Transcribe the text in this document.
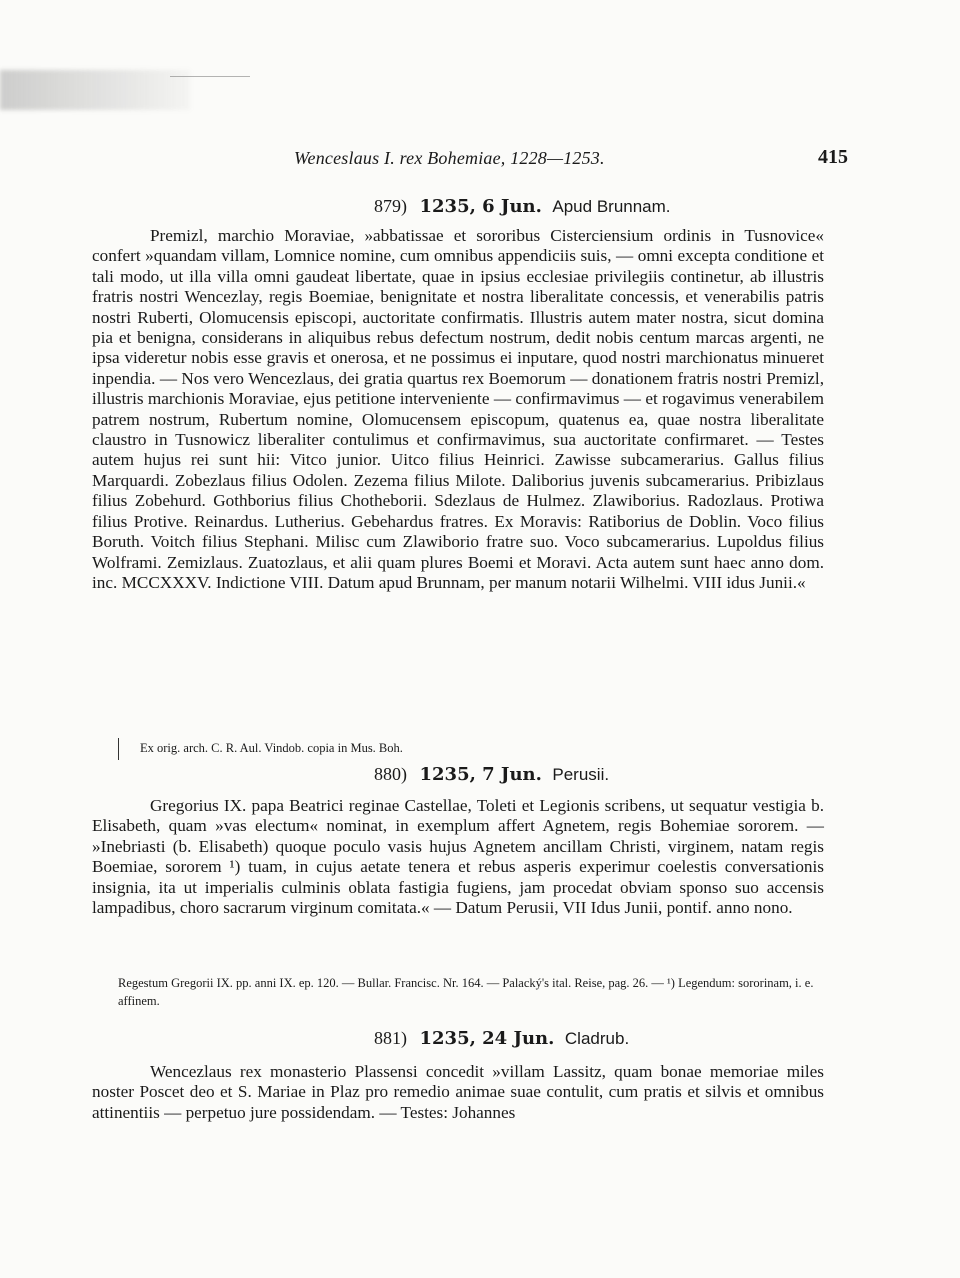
Wenceslaus I. rex Bohemiae, 1228—1253.	415
879) 1235, 6 Jun. Apud Brunnam.

Premizl, marchio Moraviae, »abbatissae et sororibus Cisterciensium ordinis in Tusnovice« confert »quandam villam, Lomnice nomine, cum omnibus appendiciis suis, — omni excepta conditione et tali modo, ut illa villa omni gaudeat libertate, quae in ipsius ecclesiae privilegiis continetur, ab illustris fratris nostri Wencezlay, regis Boemiae, benignitate et nostra liberalitate concessis, et venerabilis patris nostri Ruberti, Olomucensis episcopi, auctoritate confirmatis. Illustris autem mater nostra, sicut domina pia et benigna, considerans in aliquibus rebus defectum nostrum, dedit nobis centum marcas argenti, ne ipsa videretur nobis esse gravis et onerosa, et ne possimus ei inputare, quod nostri marchionatus minueret inpendia. — Nos vero Wencezlaus, dei gratia quartus rex Boemorum — donationem fratris nostri Premizl, illustris marchionis Moraviae, ejus petitione interveniente — confirmavimus — et rogavimus venerabilem patrem nostrum, Rubertum nomine, Olomucensem episcopum, quatenus ea, quae nostra liberalitate claustro in Tusnowicz liberaliter contulimus et confirmavimus, sua auctoritate confirmaret. — Testes autem hujus rei sunt hii: Vitco junior. Uitco filius Heinrici. Zawisse subcamerarius. Gallus filius Marquardi. Zobezlaus filius Odolen. Zezema filius Milote. Daliborius juvenis subcamerarius. Pribizlaus filius Zobehurd. Gothborius filius Chotheborii. Sdezlaus de Hulmez. Zlawiborius. Radozlaus. Protiwa filius Protive. Reinardus. Lutherius. Gebehardus fratres. Ex Moravis: Ratiborius de Doblin. Voco filius Boruth. Voitch filius Stephani. Milisc cum Zlawiborio fratre suo. Voco subcamerarius. Lupoldus filius Wolframi. Zemizlaus. Zuatozlaus, et alii quam plures Boemi et Moravi. Acta autem sunt haec anno dom. inc. MCCXXXV. Indictione VIII. Datum apud Brunnam, per manum notarii Wilhelmi. VIII idus Junii.«

Ex orig. arch. C. R. Aul. Vindob. copia in Mus. Boh.

880) 1235, 7 Jun. Perusii.

Gregorius IX. papa Beatrici reginae Castellae, Toleti et Legionis scribens, ut sequatur vestigia b. Elisabeth, quam »vas electum« nominat, in exemplum affert Agnetem, regis Bohemiae sororem. — »Inebriasti (b. Elisabeth) quoque poculo vasis hujus Agnetem ancillam Christi, virginem, natam regis Boemiae, sororem ¹) tuam, in cujus aetate tenera et rebus asperis experimur coelestis conversationis insignia, ita ut imperialis culminis oblata fastigia fugiens, jam procedat obviam sponso suo accensis lampadibus, choro sacrarum virginum comitata.« — Datum Perusii, VII Idus Junii, pontif. anno nono.

Regestum Gregorii IX. pp. anni IX. ep. 120. — Bullar. Francisc. Nr. 164. — Palacký's ital. Reise, pag. 26. — ¹) Legendum: sororinam, i. e. affinem.

881) 1235, 24 Jun. Cladrub.

Wencezlaus rex monasterio Plassensi concedit »villam Lassitz, quam bonae memoriae miles noster Poscet deo et S. Mariae in Plaz pro remedio animae suae contulit, cum pratis et silvis et omnibus attinentiis — perpetuo jure possidendam. — Testes: Johannes
